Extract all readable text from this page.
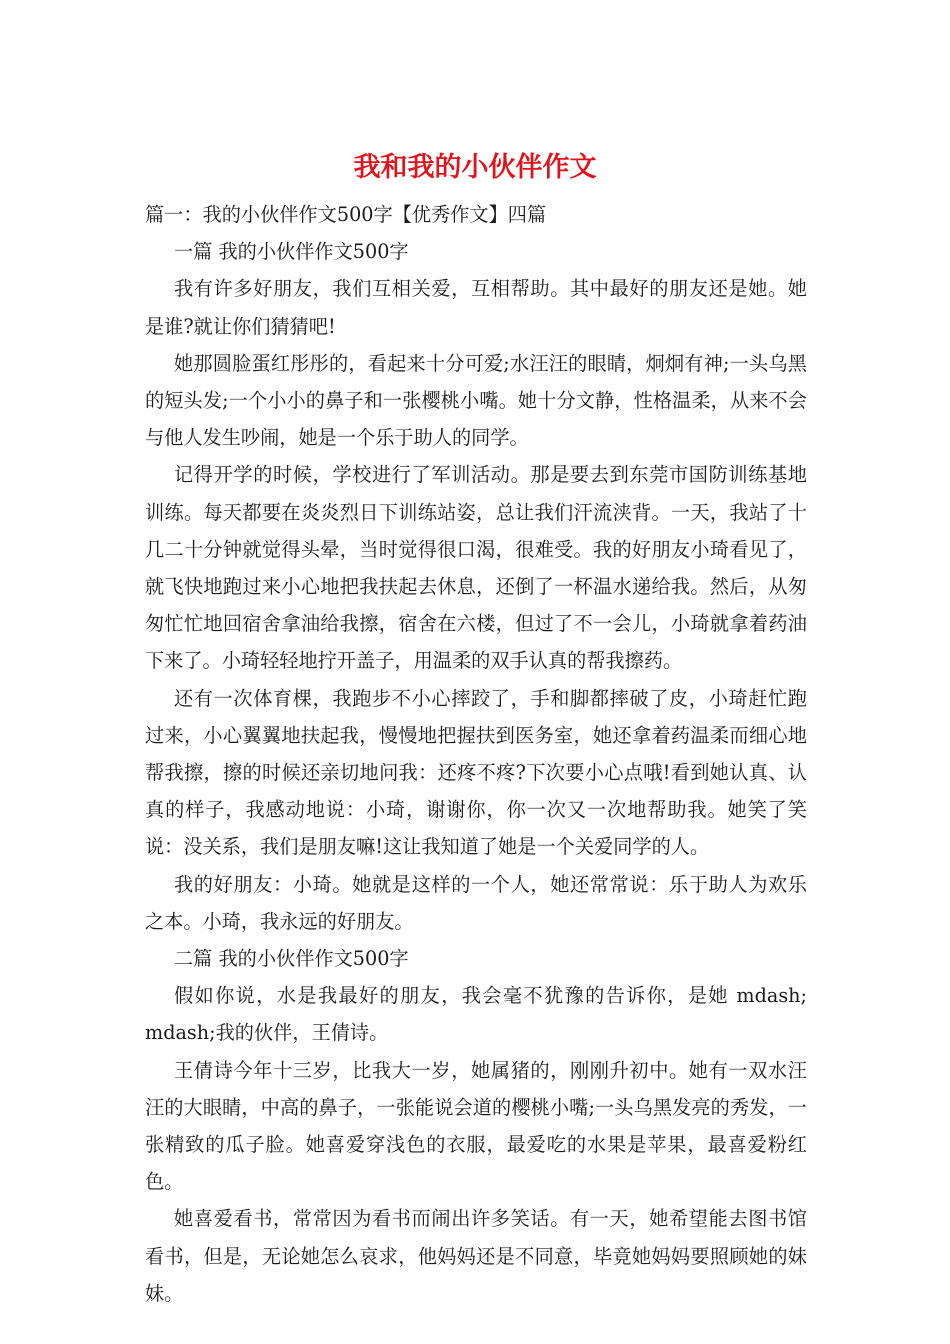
我和我的小伙伴作文
篇一：我的小伙伴作文500字【优秀作文】四篇
一篇 我的小伙伴作文500字

我有许多好朋友，我们互相关爱，互相帮助。其中最好的朋友还是她。她是谁?就让你们猜猜吧!

她那圆脸蛋红彤彤的，看起来十分可爱;水汪汪的眼睛，炯炯有神;一头乌黑的短头发;一个小小的鼻子和一张樱桃小嘴。她十分文静，性格温柔，从来不会与他人发生吵闹，她是一个乐于助人的同学。

记得开学的时候，学校进行了军训活动。那是要去到东莞市国防训练基地训练。每天都要在炎炎烈日下训练站姿，总让我们汗流浃背。一天，我站了十几二十分钟就觉得头晕，当时觉得很口渴，很难受。我的好朋友小琦看见了，就飞快地跑过来小心地把我扶起去休息，还倒了一杯温水递给我。然后，从匆匆忙忙地回宿舍拿油给我擦，宿舍在六楼，但过了不一会儿，小琦就拿着药油下来了。小琦轻轻地拧开盖子，用温柔的双手认真的帮我擦药。

还有一次体育棵，我跑步不小心摔跤了，手和脚都摔破了皮，小琦赶忙跑过来，小心翼翼地扶起我，慢慢地把握扶到医务室，她还拿着药温柔而细心地帮我擦，擦的时候还亲切地问我：还疼不疼?下次要小心点哦!看到她认真、认真的样子，我感动地说：小琦，谢谢你，你一次又一次地帮助我。她笑了笑说：没关系，我们是朋友嘛!这让我知道了她是一个关爱同学的人。

我的好朋友：小琦。她就是这样的一个人，她还常常说：乐于助人为欢乐之本。小琦，我永远的好朋友。

二篇 我的小伙伴作文500字

假如你说，水是我最好的朋友，我会毫不犹豫的告诉你，是她 mdash; mdash;我的伙伴，王倩诗。

王倩诗今年十三岁，比我大一岁，她属猪的，刚刚升初中。她有一双水汪汪的大眼睛，中高的鼻子，一张能说会道的樱桃小嘴;一头乌黑发亮的秀发，一张精致的瓜子脸。她喜爱穿浅色的衣服，最爱吃的水果是苹果，最喜爱粉红色。

她喜爱看书，常常因为看书而闹出许多笑话。有一天，她希望能去图书馆看书，但是，无论她怎么哀求，他妈妈还是不同意，毕竟她妈妈要照顾她的妹妹。
